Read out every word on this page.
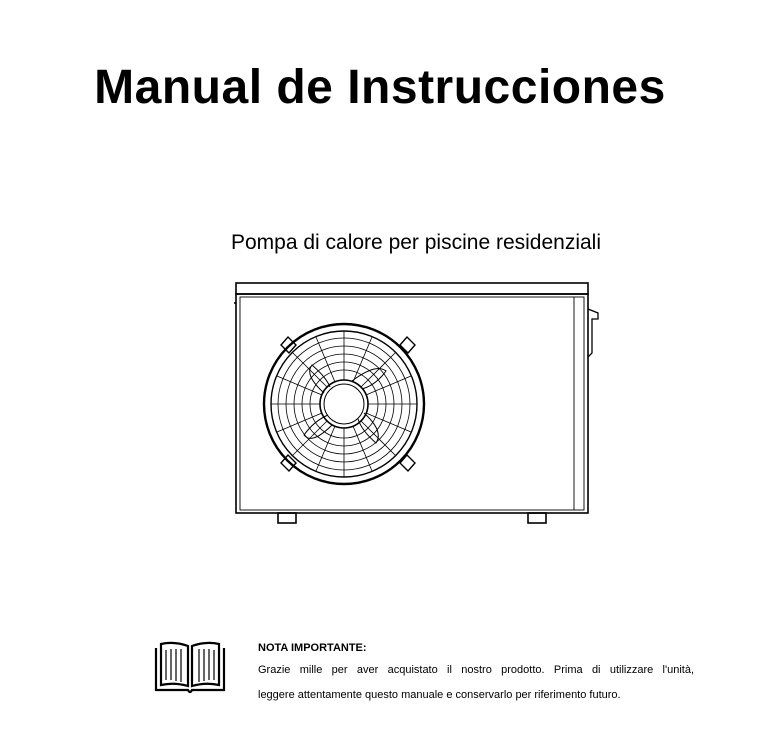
Manual de Instrucciones
Pompa di calore per piscine residenziali
NOTA IMPORTANTE:
Grazie mille per aver acquistato il nostro prodotto. Prima di utilizzare l'unità,
leggere attentamente questo manuale e conservarlo per riferimento futuro.
